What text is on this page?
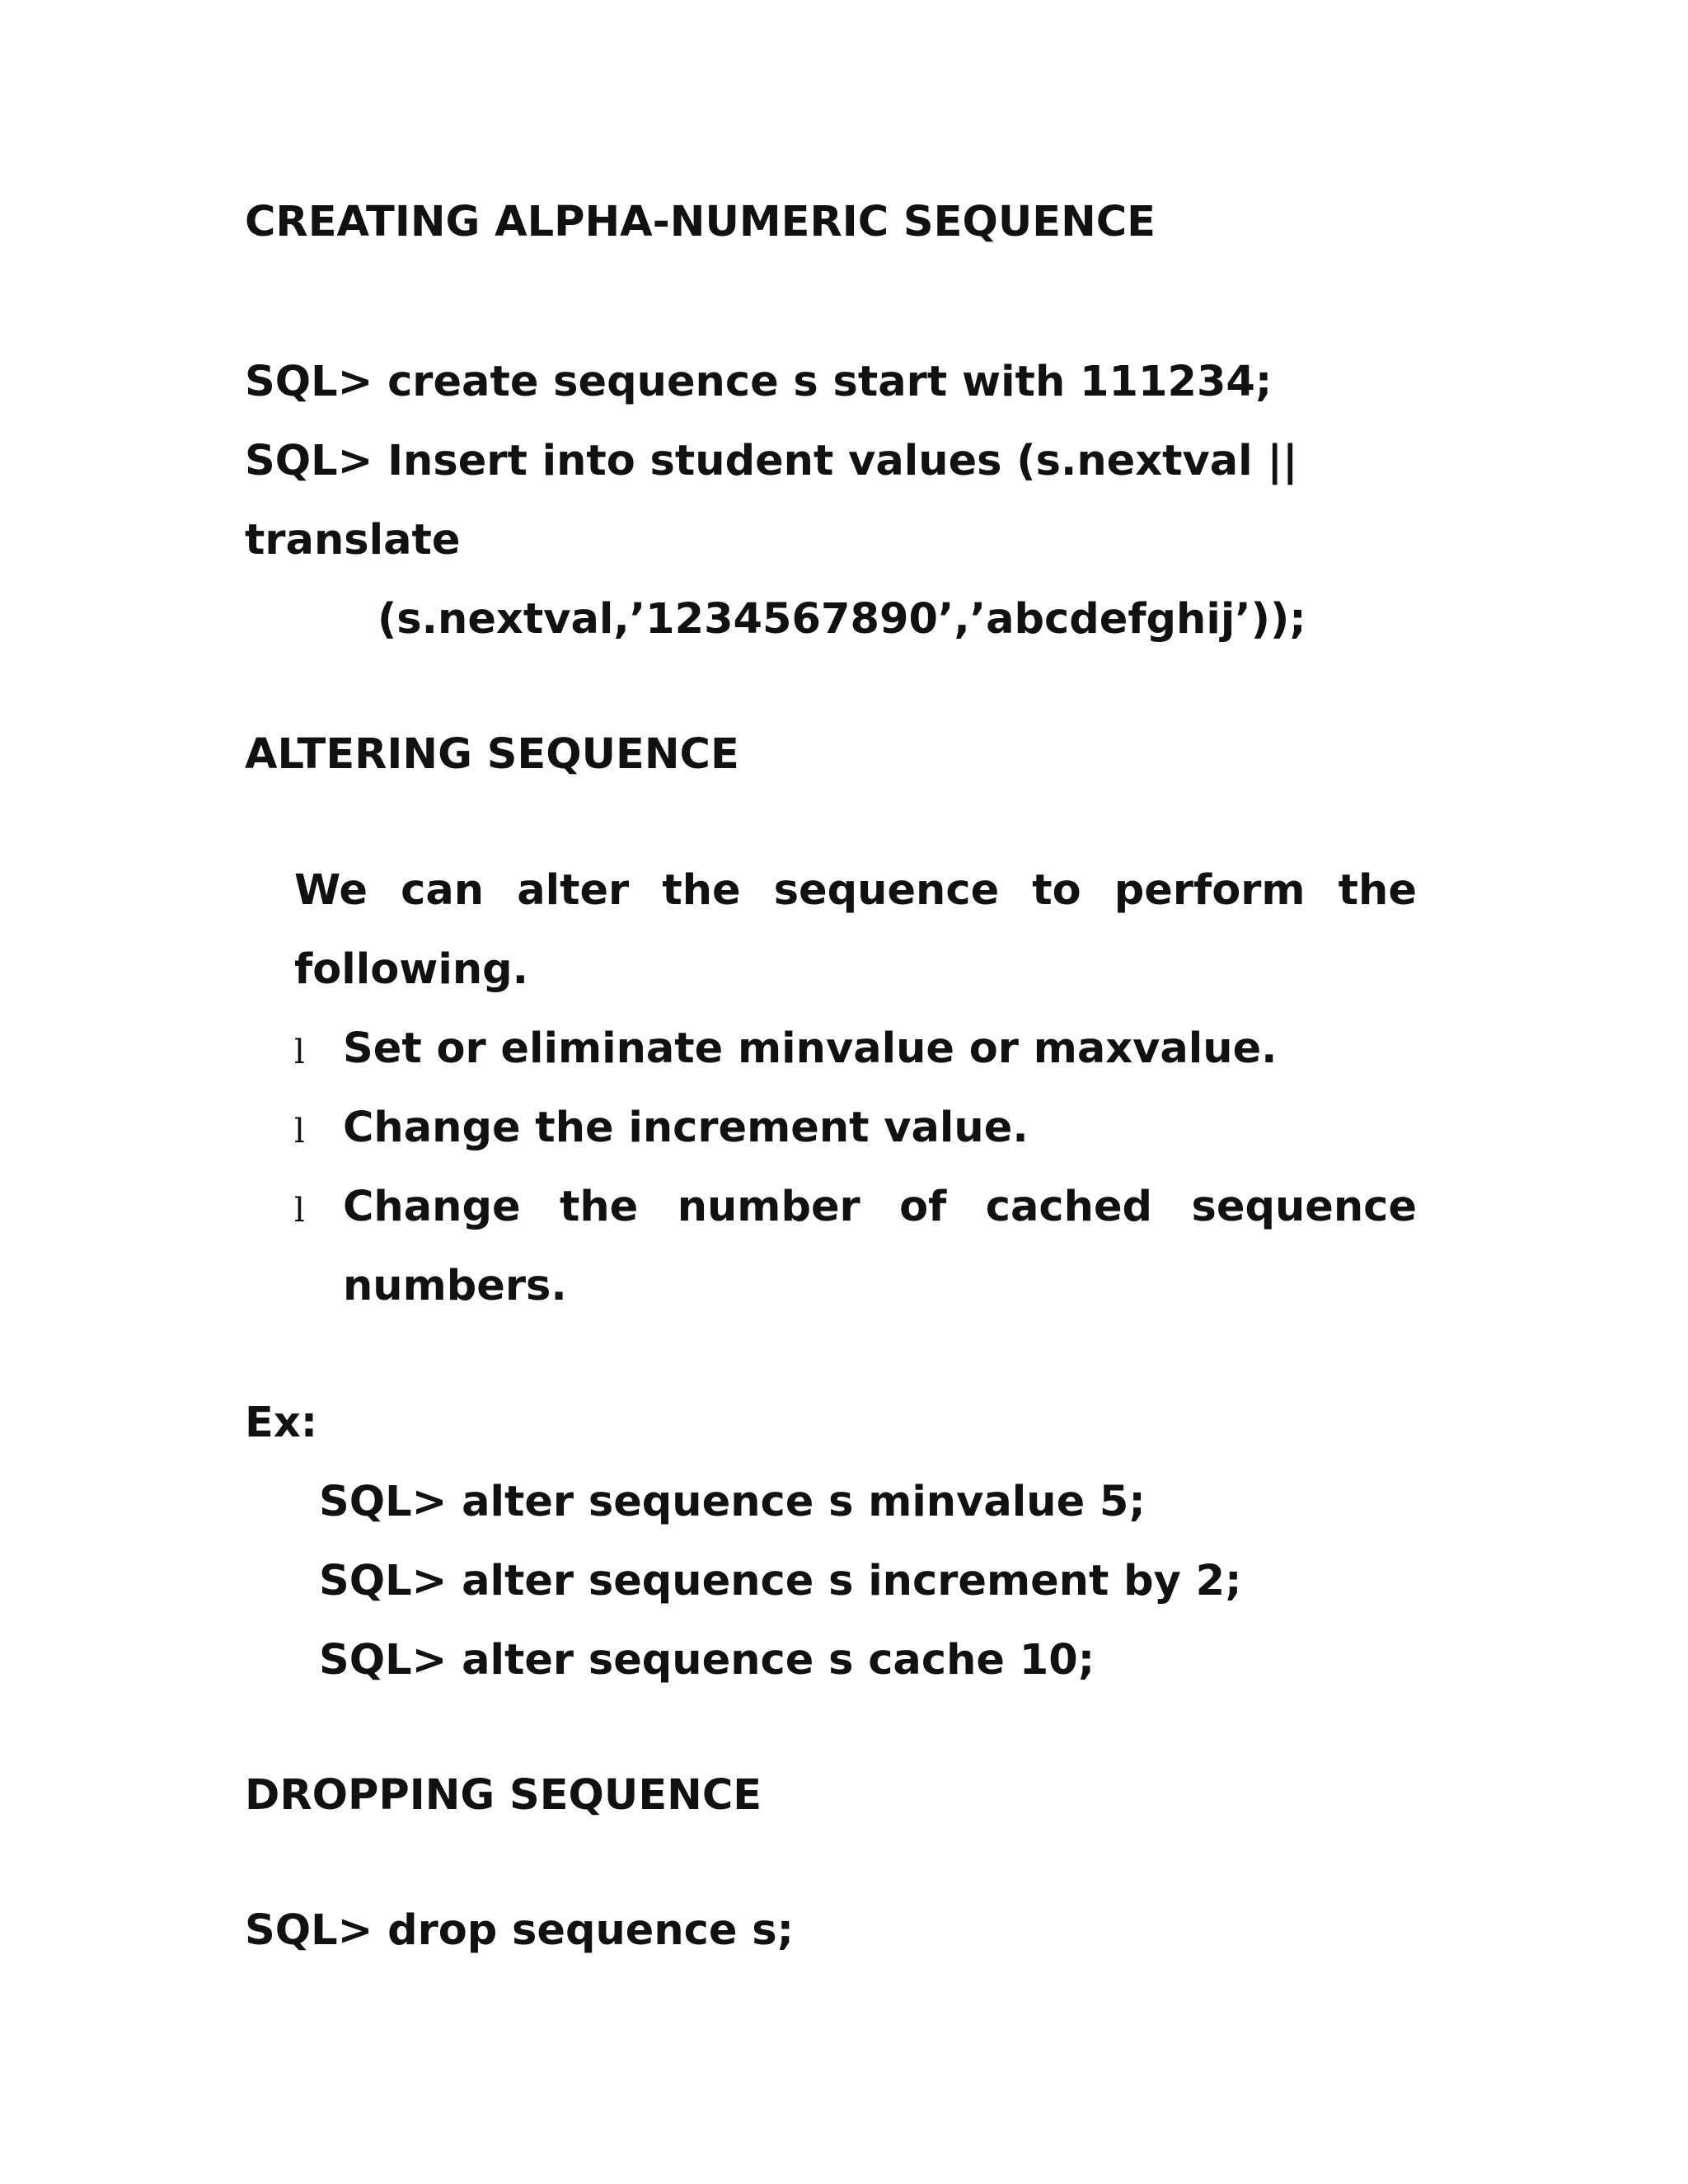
CREATING ALPHA-NUMERIC SEQUENCE
SQL> create sequence s start with 111234;
SQL> Insert into student values (s.nextval ||
translate
(s.nextval,’1234567890’,’abcdefghij’));
ALTERING SEQUENCE
We can alter the sequence to perform the
following.
l Set or eliminate minvalue or maxvalue.
l Change the increment value.
l Change the number of cached sequence
numbers.
Ex:
SQL> alter sequence s minvalue 5;
SQL> alter sequence s increment by 2;
SQL> alter sequence s cache 10;
DROPPING SEQUENCE
SQL> drop sequence s;
